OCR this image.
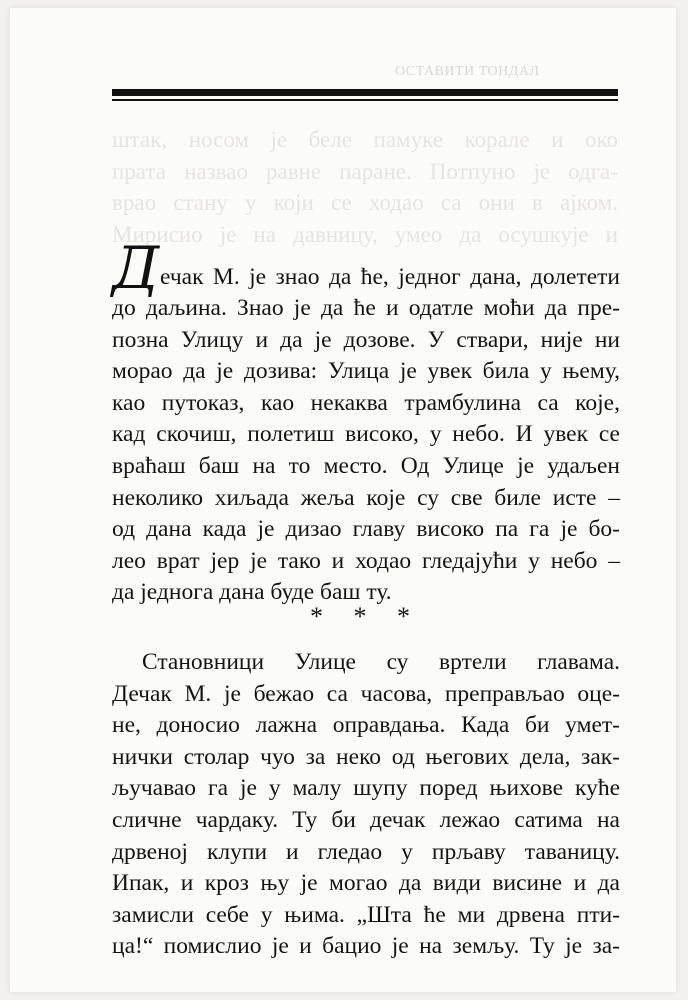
ОСТАВИТИ ТОНДАЛ

штак, носом је беле памуке корале и око

прата назвао равне паране. Потпуно је одга-

врао стану у који се ходао са они в ајком.

Мирисио је на давницу, умео да осушкује и

Д ечак М. је знао да ће, једног дана, долетети

до даљина. Знао је да ће и одатле моћи да пре-

позна Улицу и да је дозове. У ствари, није ни

морао да је дозива: Улица је увек била у њему,

као путоказ, као некаква трамбулина са које,

кад скочиш, полетиш високо, у небо. И увек се

враћаш баш на то место. Од Улице је удаљен

неколико хиљада жеља које су све биле исте –

од дана када је дизао главу високо па га је бо-

лео врат јер је тако и ходао гледајући у небо –

да једнога дана буде баш ту.

* * *

Становници Улице су вртели главама.

Дечак М. је бежао са часова, преправљао оце-

не, доносио лажна оправдања. Када би умет-

нички столар чуо за неко од његових дела, зак-

ључавао га је у малу шупу поред њихове куће

сличне чардаку. Ту би дечак лежао сатима на

дрвеној клупи и гледао у прљаву таваницу.

Ипак, и кроз њу је могао да види висине и да

замисли себе у њима. „Шта ће ми дрвена пти-

ца!“ помислио је и бацио је на земљу. Ту је за-
